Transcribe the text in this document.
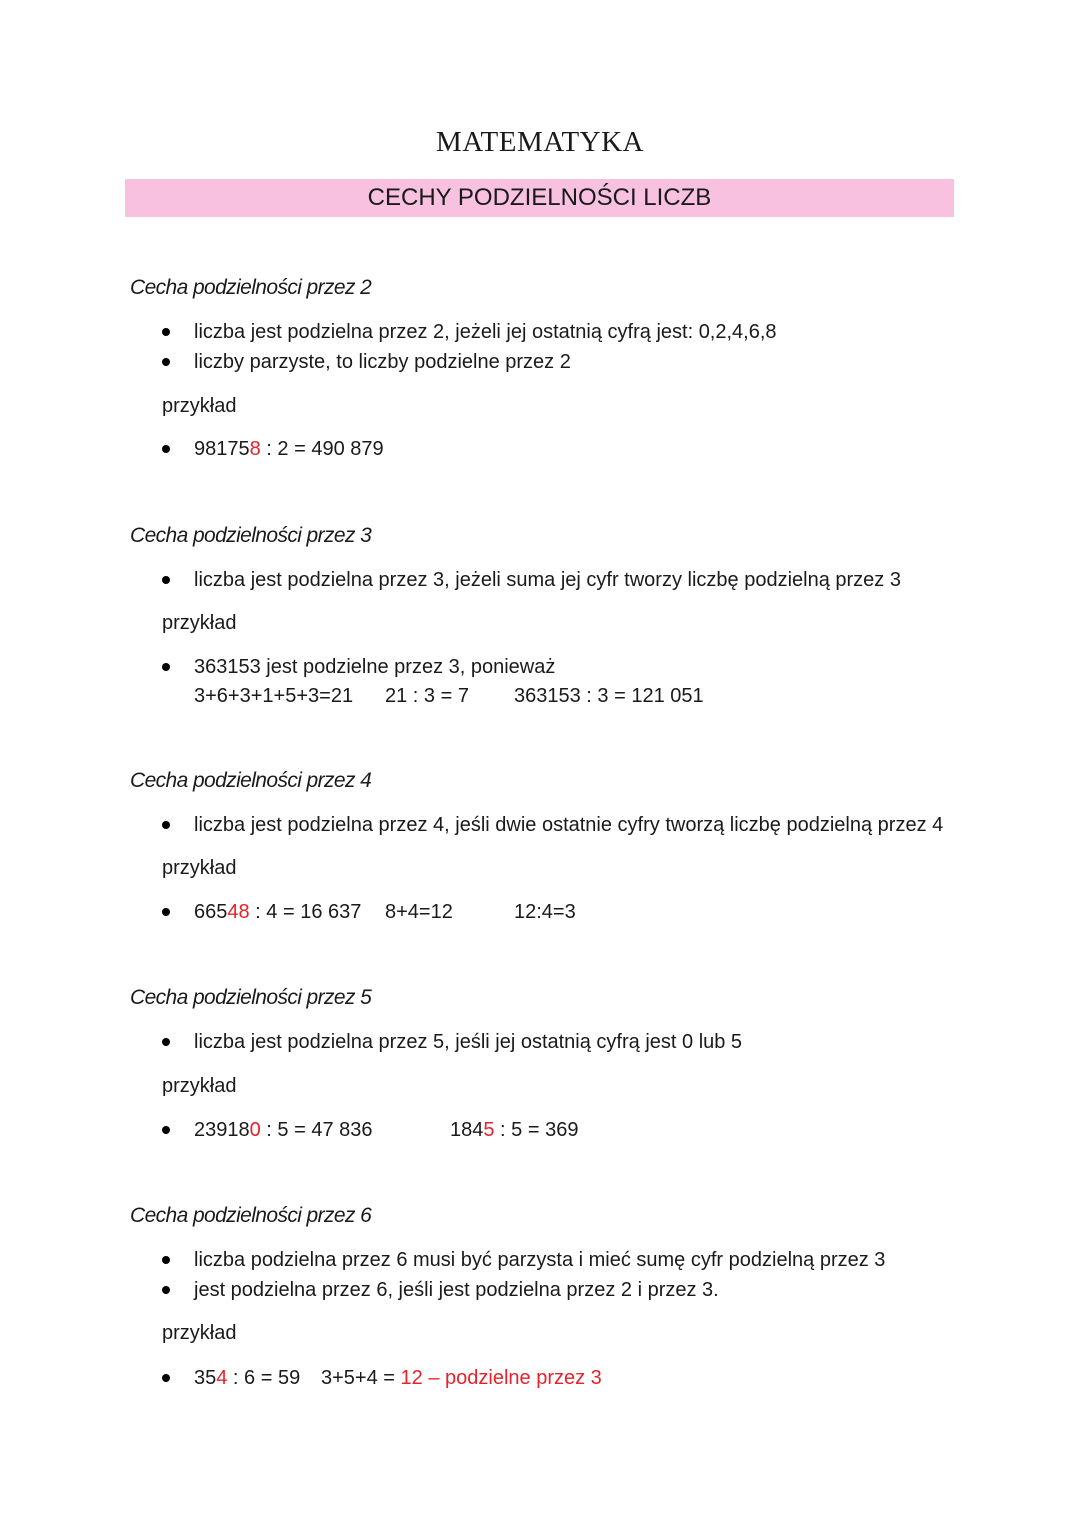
MATEMATYKA
CECHY PODZIELNOŚCI LICZB
Cecha podzielności przez 2
liczba jest podzielna przez 2, jeżeli jej ostatnią cyfrą jest: 0,2,4,6,8
liczby parzyste, to liczby podzielne przez 2
przykład
981758 : 2 = 490 879
Cecha podzielności przez 3
liczba jest podzielna przez 3, jeżeli suma jej cyfr tworzy liczbę podzielną przez 3
przykład
363153 jest podzielne przez 3, ponieważ
3+6+3+1+5+3=21 21 : 3 = 7 363153 : 3 = 121 051
Cecha podzielności przez 4
liczba jest podzielna przez 4, jeśli dwie ostatnie cyfry tworzą liczbę podzielną przez 4
przykład
66548 : 4 = 16 637 8+4=12	12:4=3
Cecha podzielności przez 5
liczba jest podzielna przez 5, jeśli jej ostatnią cyfrą jest 0 lub 5
przykład
239180 : 5 = 47 836	1845 : 5 = 369
Cecha podzielności przez 6
liczba podzielna przez 6 musi być parzysta i mieć sumę cyfr podzielną przez 3
jest podzielna przez 6, jeśli jest podzielna przez 2 i przez 3.
przykład
354 : 6 = 59 3+5+4 = 12 – podzielne przez 3
